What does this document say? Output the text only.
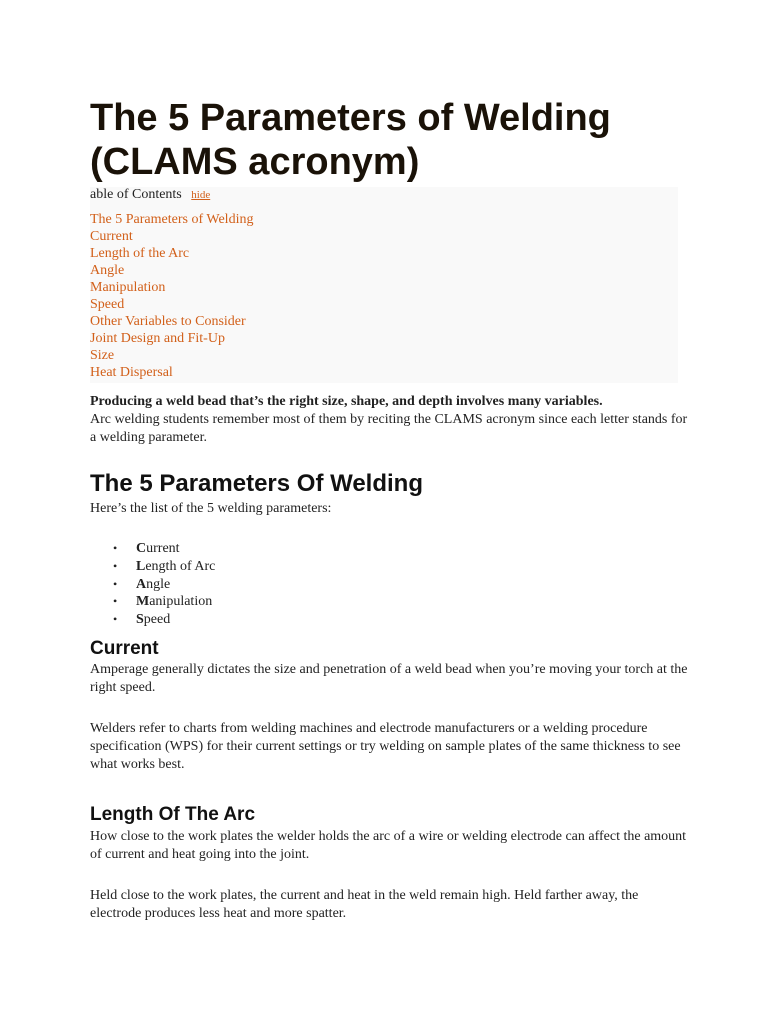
The 5 Parameters of Welding (CLAMS acronym)
able of Contents hide
The 5 Parameters of Welding
Current
Length of the Arc
Angle
Manipulation
Speed
Other Variables to Consider
Joint Design and Fit-Up
Size
Heat Dispersal

Producing a weld bead that’s the right size, shape, and depth involves many variables.
Arc welding students remember most of them by reciting the CLAMS acronym since each letter stands for a welding parameter.

The 5 Parameters Of Welding

Here’s the list of the 5 welding parameters:

• Current
• Length of Arc
• Angle
• Manipulation
• Speed
Current

Amperage generally dictates the size and penetration of a weld bead when you’re moving your torch at the right speed.

Welders refer to charts from welding machines and electrode manufacturers or a welding procedure specification (WPS) for their current settings or try welding on sample plates of the same thickness to see what works best.

Length Of The Arc

How close to the work plates the welder holds the arc of a wire or welding electrode can affect the amount of current and heat going into the joint.

Held close to the work plates, the current and heat in the weld remain high. Held farther away, the electrode produces less heat and more spatter.
